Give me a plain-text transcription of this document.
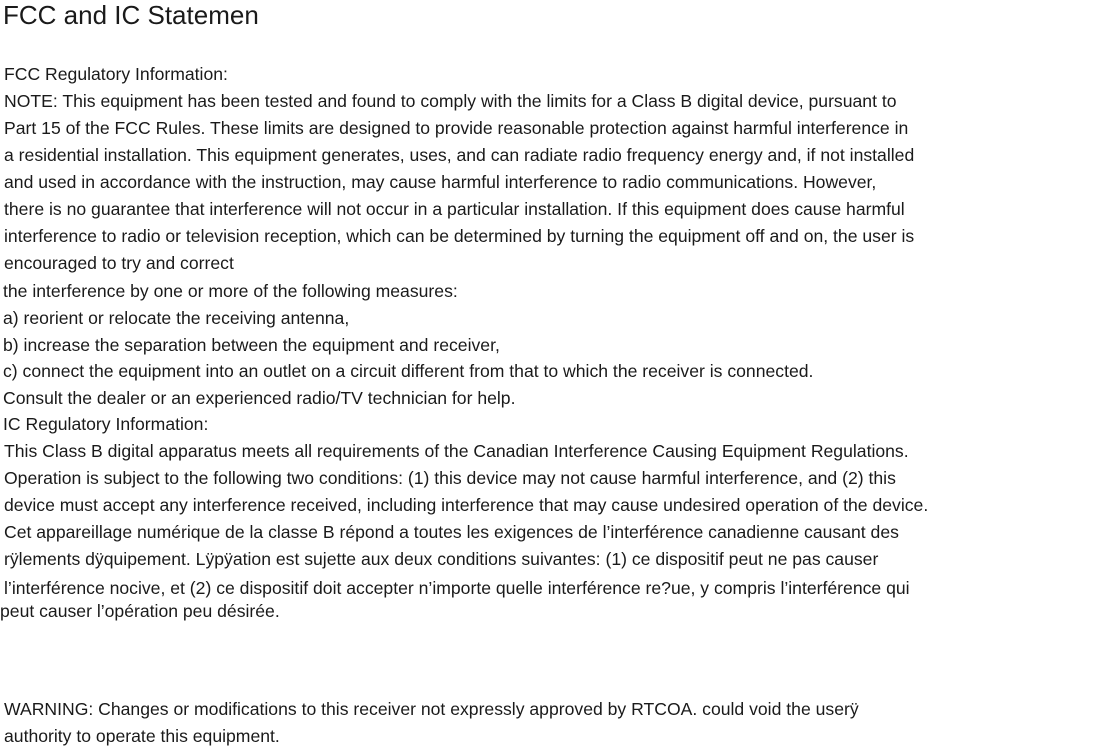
FCC and IC Statemen
FCC Regulatory Information:
NOTE: This equipment has been tested and found to comply with the limits for a Class B digital device, pursuant to
Part 15 of the FCC Rules. These limits are designed to provide reasonable protection against harmful interference in
a residential installation. This equipment generates, uses, and can radiate radio frequency energy and, if not installed
and used in accordance with the instruction, may cause harmful interference to radio communications. However,
there is no guarantee that interference will not occur in a particular installation. If this equipment does cause harmful
interference to radio or television reception, which can be determined by turning the equipment off and on, the user is
encouraged to try and correct
the interference by one or more of the following measures:
a) reorient or relocate the receiving antenna,
b) increase the separation between the equipment and receiver,
c) connect the equipment into an outlet on a circuit different from that to which the receiver is connected.
Consult the dealer or an experienced radio/TV technician for help.
IC Regulatory Information:
This Class B digital apparatus meets all requirements of the Canadian Interference Causing Equipment Regulations.
Operation is subject to the following two conditions: (1) this device may not cause harmful interference, and (2) this
device must accept any interference received, including interference that may cause undesired operation of the device.
Cet appareillage numérique de la classe B répond a toutes les exigences de l’interférence canadienne causant des
rÿlements dÿquipement. Lÿpÿation est sujette aux deux conditions suivantes: (1) ce dispositif peut ne pas causer
l’interférence nocive, et (2) ce dispositif doit accepter n’importe quelle interférence re?ue, y compris l’interférence qui
peut causer l’opération peu désirée.
WARNING: Changes or modifications to this receiver not expressly approved by RTCOA. could void the userÿ
authority to operate this equipment.
